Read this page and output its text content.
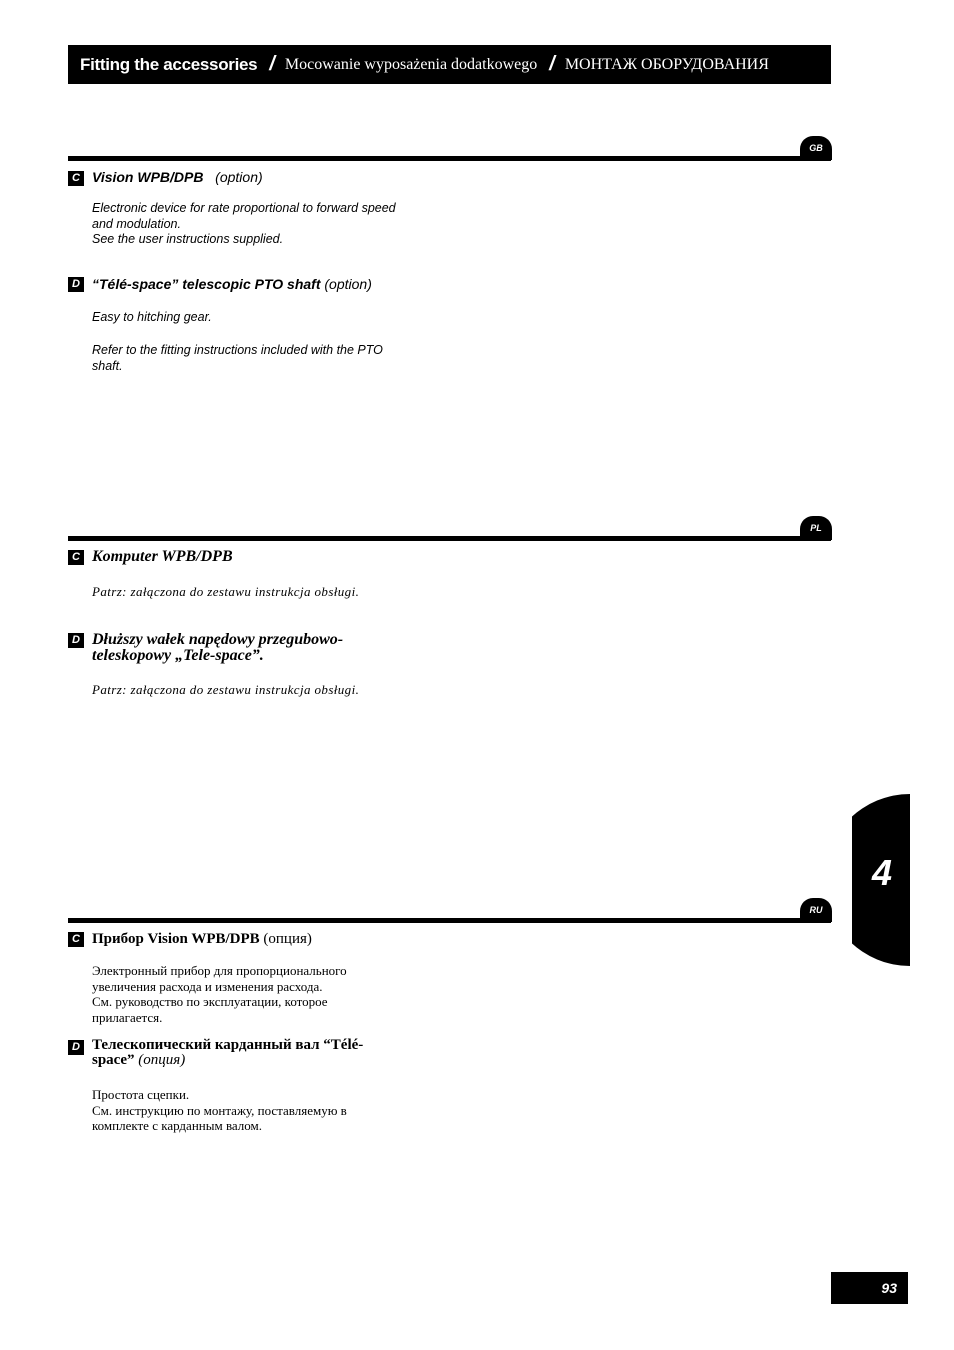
Fitting the accessories / Mocowanie wyposażenia dodatkowego / МОНТАЖ ОБОРУДОВАНИЯ
GB
C Vision WPB/DPB (option)
Electronic device for rate proportional to forward speed
and modulation.
See the user instructions supplied.
D “Télé-space” telescopic PTO shaft (option)
Easy to hitching gear.
Refer to the fitting instructions included with the PTO
shaft.
PL
C Komputer WPB/DPB
Patrz: załączona do zestawu instrukcja obsługi.
D Dłuższy wałek napędowy przegubowo-
teleskopowy „Tele-space”.
Patrz: załączona do zestawu instrukcja obsługi.
4
RU
C Прибор Vision WPB/DPB (опция)
Электронный прибор для пропорционального
увеличения расхода и изменения расхода.
См. руководство по эксплуатации, которое
прилагается.
D Телескопический карданный вал “Télé-
space” (опция)
Простота сцепки.
См. инструкцию по монтажу, поставляемую в
комплекте с карданным валом.
93
